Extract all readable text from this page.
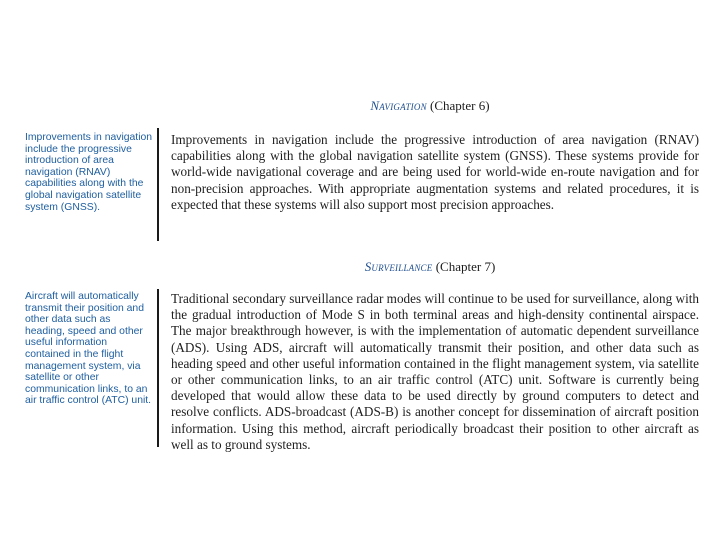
Navigation (Chapter 6)
Improvements in navigation include the progressive introduction of area navigation (RNAV) capabilities along with the global navigation satellite system (GNSS).
Improvements in navigation include the progressive introduction of area navigation (RNAV) capabilities along with the global navigation satellite system (GNSS). These systems provide for world-wide navigational coverage and are being used for world-wide en-route navigation and for non-precision approaches. With appropriate augmentation systems and related procedures, it is expected that these systems will also support most precision approaches.
Surveillance (Chapter 7)
Aircraft will automatically transmit their position and other data such as heading, speed and other useful information contained in the flight management system, via satellite or other communication links, to an air traffic control (ATC) unit.
Traditional secondary surveillance radar modes will continue to be used for surveillance, along with the gradual introduction of Mode S in both terminal areas and high-density continental airspace. The major breakthrough however, is with the implementation of automatic dependent surveillance (ADS). Using ADS, aircraft will automatically transmit their position, and other data such as heading speed and other useful information contained in the flight management system, via satellite or other communication links, to an air traffic control (ATC) unit. Software is currently being developed that would allow these data to be used directly by ground computers to detect and resolve conflicts. ADS-broadcast (ADS-B) is another concept for dissemination of aircraft position information. Using this method, aircraft periodically broadcast their position to other aircraft as well as to ground systems.
